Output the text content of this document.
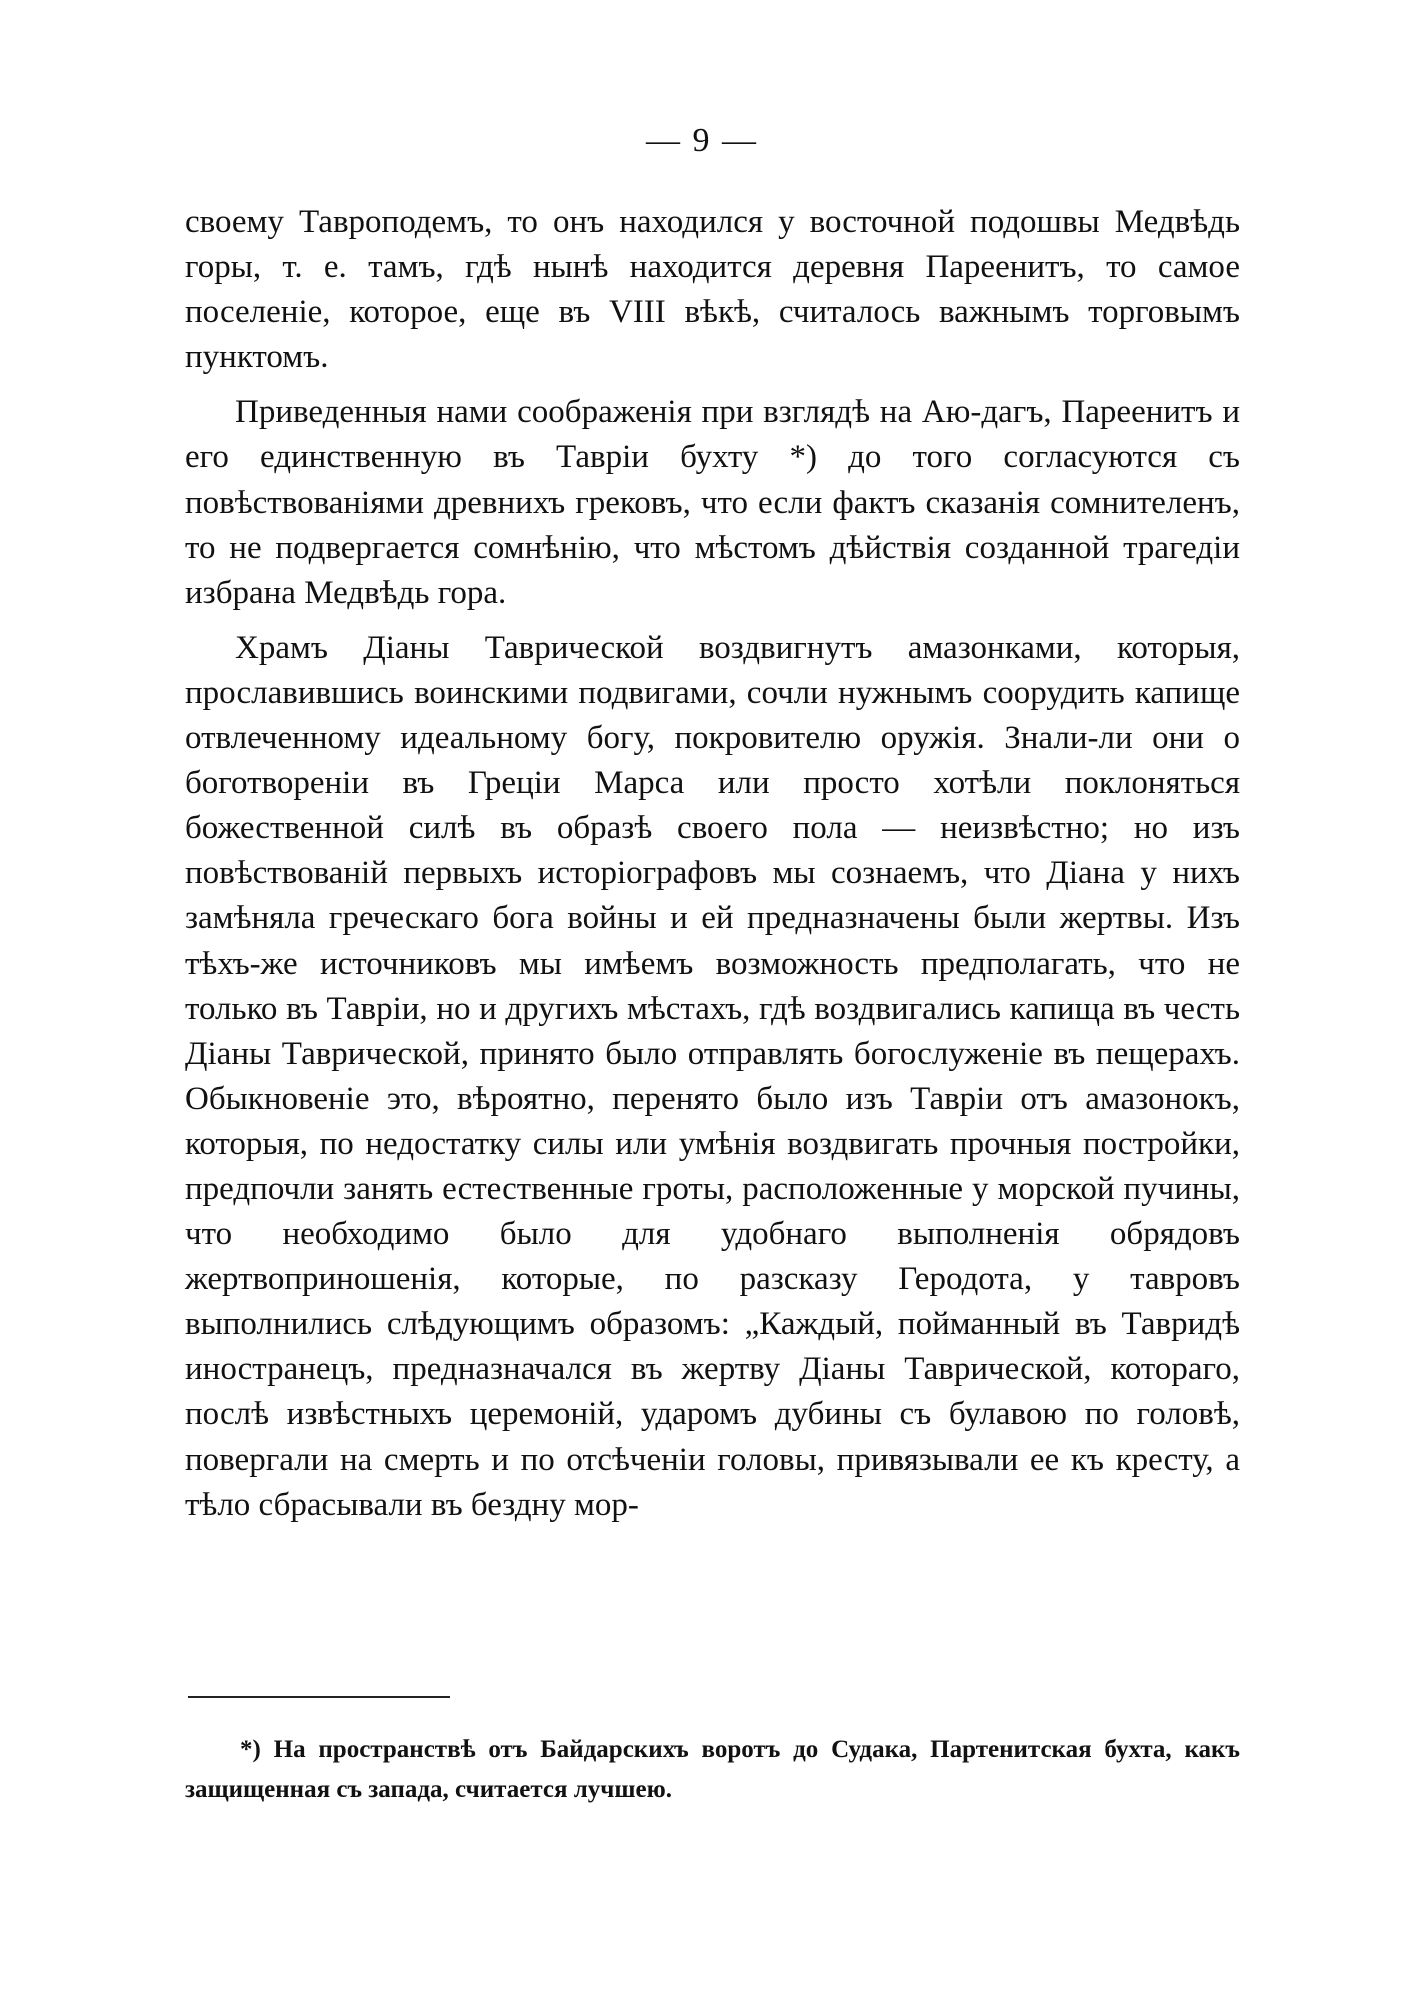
— 9 —

своему Тавроподемъ, то онъ находился у восточной подошвы Медвѣдь горы, т. е. тамъ, гдѣ нынѣ находится деревня Пареенитъ, то самое поселеніе, которое, еще въ VIII вѣкѣ, считалось важнымъ торговымъ пунктомъ.

Приведенныя нами соображенія при взглядѣ на Аю-дагъ, Пареенитъ и его единственную въ Тавріи бухту *) до того согласуются съ повѣствованіями древнихъ грековъ, что если фактъ сказанія сомнителенъ, то не подвергается сомнѣнію, что мѣстомъ дѣйствія созданной трагедіи избрана Медвѣдь гора.

Храмъ Діаны Таврической воздвигнутъ амазонками, которыя, прославившись воинскими подвигами, сочли нужнымъ соорудить капище отвлеченному идеальному богу, покровителю оружія. Знали-ли они о боготвореніи въ Греціи Марса или просто хотѣли поклоняться божественной силѣ въ образѣ своего пола — неизвѣстно; но изъ повѣствованій первыхъ исторіографовъ мы сознаемъ, что Діана у нихъ замѣняла греческаго бога войны и ей предназначены были жертвы. Изъ тѣхъ-же источниковъ мы имѣемъ возможность предполагать, что не только въ Тавріи, но и другихъ мѣстахъ, гдѣ воздвигались капища въ честь Діаны Таврической, принято было отправлять богослуженіе въ пещерахъ. Обыкновеніе это, вѣроятно, перенято было изъ Тавріи отъ амазонокъ, которыя, по недостатку силы или умѣнія воздвигать прочныя постройки, предпочли занять естественные гроты, расположенные у морской пучины, что необходимо было для удобнаго выполненія обрядовъ жертвоприношенія, которые, по разсказу Геродота, у тавровъ выполнились слѣдующимъ образомъ: „Каждый, пойманный въ Тавридѣ иностранецъ, предназначался въ жертву Діаны Таврической, котораго, послѣ извѣстныхъ церемоній, ударомъ дубины съ булавою по головѣ, повергали на смерть и по отсѣченіи головы, привязывали ее къ кресту, а тѣло сбрасывали въ бездну мор-

*) На пространствѣ отъ Байдарскихъ воротъ до Судака, Партенитская бухта, какъ защищенная съ запада, считается лучшею.
